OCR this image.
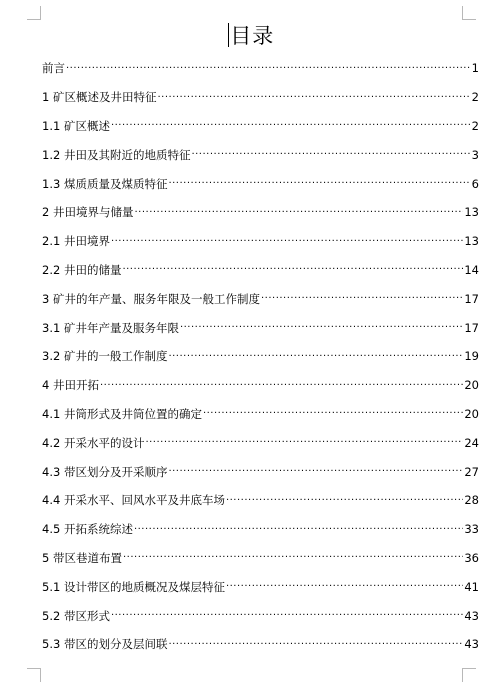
目录
前言 ·····	1
1 矿区概述及井田特征 ·····	2
1.1 矿区概述 ·····	2
1.2 井田及其附近的地质特征 ·····	3
1.3 煤质质量及煤质特征 ·····	6
2 井田境界与储量 ·····	13
2.1 井田境界 ·····	13
2.2 井田的储量 ·····	14
3 矿井的年产量、服务年限及一般工作制度 ·····	17
3.1 矿井年产量及服务年限 ·····	17
3.2 矿井的一般工作制度 ·····	19
4 井田开拓 ·····	20
4.1 井筒形式及井筒位置的确定 ·····	20
4.2 开采水平的设计 ·····	24
4.3 带区划分及开采顺序 ·····	27
4.4 开采水平、回风水平及井底车场 ·····	28
4.5 开拓系统综述 ·····	33
5 带区巷道布置 ·····	36
5.1 设计带区的地质概况及煤层特征 ·····	41
5.2 带区形式 ·····	43
5.3 带区的划分及层间联 ·····	43
